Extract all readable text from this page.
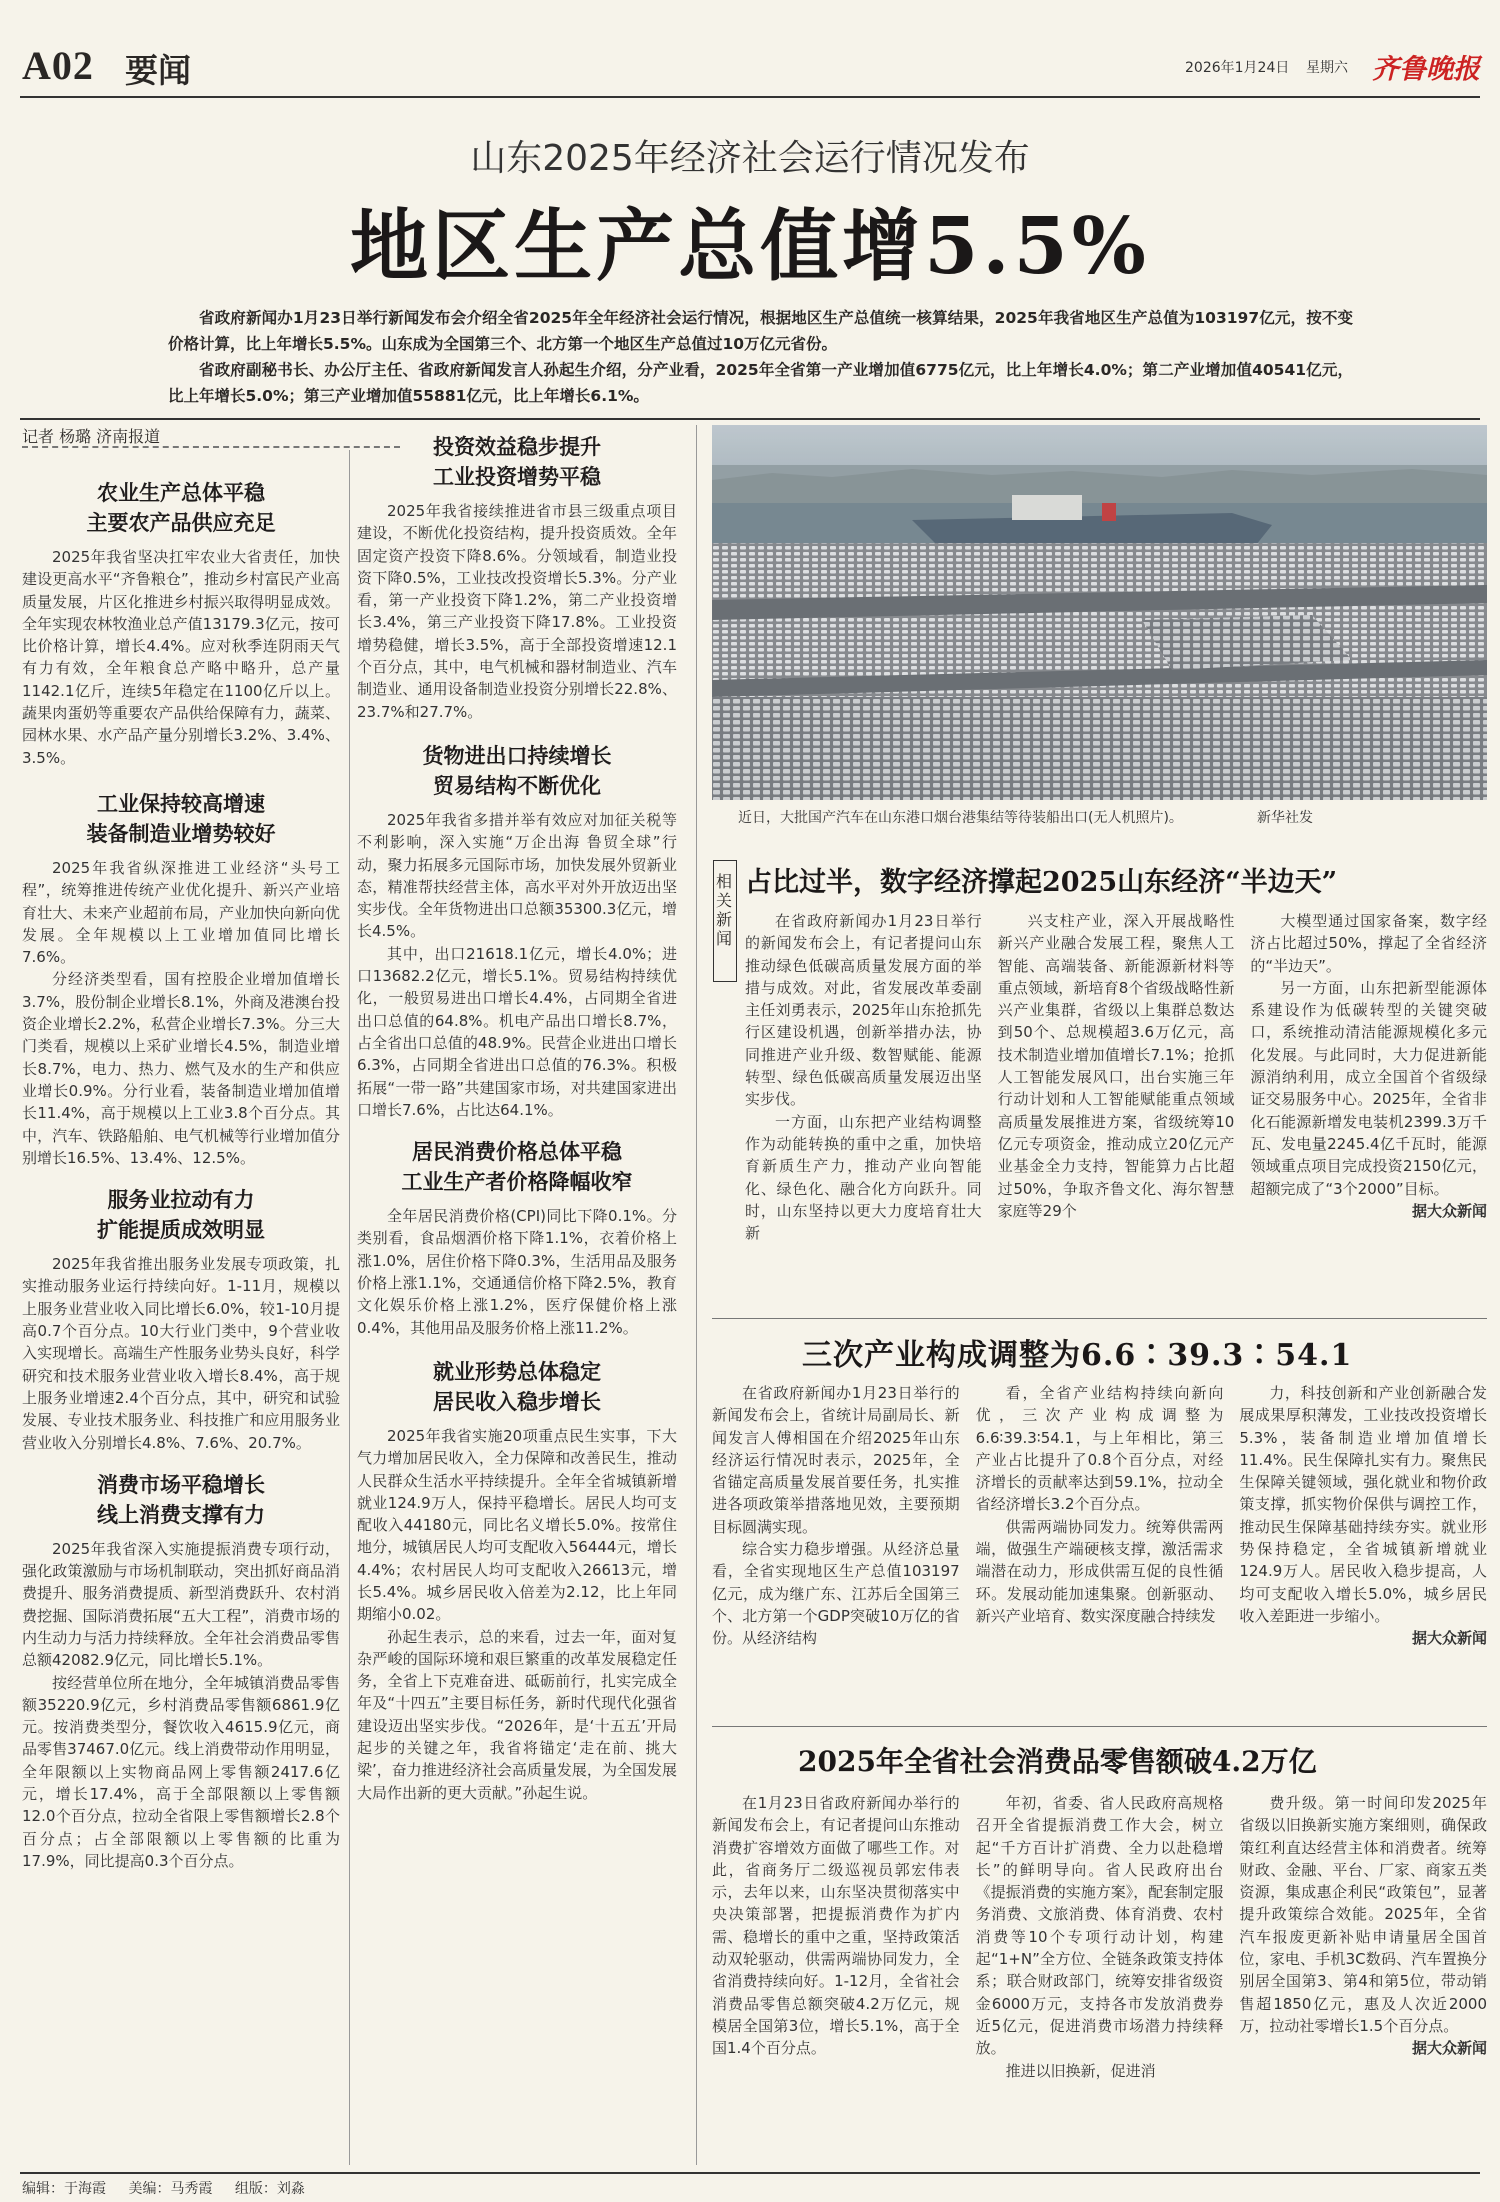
A02 要闻	2026年1月24日 星期六 齐鲁晚报
山东2025年经济社会运行情况发布
地区生产总值增5.5%

省政府新闻办1月23日举行新闻发布会介绍全省2025年全年经济社会运行情况，根据地区生产总值统一核算结果，2025年我省地区生产总值为103197亿元，按不变价格计算，比上年增长5.5%。山东成为全国第三个、北方第一个地区生产总值过10万亿元省份。

省政府副秘书长、办公厅主任、省政府新闻发言人孙起生介绍，分产业看，2025年全省第一产业增加值6775亿元，比上年增长4.0%；第二产业增加值40541亿元，比上年增长5.0%；第三产业增加值55881亿元，比上年增长6.1%。

记者 杨璐 济南报道
农业生产总体平稳
主要农产品供应充足

2025年我省坚决扛牢农业大省责任，加快建设更高水平“齐鲁粮仓”，推动乡村富民产业高质量发展，片区化推进乡村振兴取得明显成效。全年实现农林牧渔业总产值13179.3亿元，按可比价格计算，增长4.4%。应对秋季连阴雨天气有力有效，全年粮食总产略中略升，总产量1142.1亿斤，连续5年稳定在1100亿斤以上。蔬果肉蛋奶等重要农产品供给保障有力，蔬菜、园林水果、水产品产量分别增长3.2%、3.4%、3.5%。

工业保持较高增速
装备制造业增势较好

2025年我省纵深推进工业经济“头号工程”，统筹推进传统产业优化提升、新兴产业培育壮大、未来产业超前布局，产业加快向新向优发展。全年规模以上工业增加值同比增长7.6%。

分经济类型看，国有控股企业增加值增长3.7%，股份制企业增长8.1%，外商及港澳台投资企业增长2.2%，私营企业增长7.3%。分三大门类看，规模以上采矿业增长4.5%，制造业增长8.7%，电力、热力、燃气及水的生产和供应业增长0.9%。分行业看，装备制造业增加值增长11.4%，高于规模以上工业3.8个百分点。其中，汽车、铁路船舶、电气机械等行业增加值分别增长16.5%、13.4%、12.5%。

服务业拉动有力
扩能提质成效明显

2025年我省推出服务业发展专项政策，扎实推动服务业运行持续向好。1-11月，规模以上服务业营业收入同比增长6.0%，较1-10月提高0.7个百分点。10大行业门类中，9个营业收入实现增长。高端生产性服务业势头良好，科学研究和技术服务业营业收入增长8.4%，高于规上服务业增速2.4个百分点，其中，研究和试验发展、专业技术服务业、科技推广和应用服务业营业收入分别增长4.8%、7.6%、20.7%。

消费市场平稳增长
线上消费支撑有力

2025年我省深入实施提振消费专项行动，强化政策激励与市场机制联动，突出抓好商品消费提升、服务消费提质、新型消费跃升、农村消费挖掘、国际消费拓展“五大工程”，消费市场的内生动力与活力持续释放。全年社会消费品零售总额42082.9亿元，同比增长5.1%。

按经营单位所在地分，全年城镇消费品零售额35220.9亿元，乡村消费品零售额6861.9亿元。按消费类型分，餐饮收入4615.9亿元，商品零售37467.0亿元。线上消费带动作用明显，全年限额以上实物商品网上零售额2417.6亿元，增长17.4%，高于全部限额以上零售额12.0个百分点，拉动全省限上零售额增长2.8个百分点；占全部限额以上零售额的比重为17.9%，同比提高0.3个百分点。

投资效益稳步提升
工业投资增势平稳

2025年我省接续推进省市县三级重点项目建设，不断优化投资结构，提升投资质效。全年固定资产投资下降8.6%。分领域看，制造业投资下降0.5%，工业技改投资增长5.3%。分产业看，第一产业投资下降1.2%，第二产业投资增长3.4%，第三产业投资下降17.8%。工业投资增势稳健，增长3.5%，高于全部投资增速12.1个百分点，其中，电气机械和器材制造业、汽车制造业、通用设备制造业投资分别增长22.8%、23.7%和27.7%。

货物进出口持续增长
贸易结构不断优化

2025年我省多措并举有效应对加征关税等不利影响，深入实施“万企出海 鲁贸全球”行动，聚力拓展多元国际市场，加快发展外贸新业态，精准帮扶经营主体，高水平对外开放迈出坚实步伐。全年货物进出口总额35300.3亿元，增长4.5%。

其中，出口21618.1亿元，增长4.0%；进口13682.2亿元，增长5.1%。贸易结构持续优化，一般贸易进出口增长4.4%，占同期全省进出口总值的64.8%。机电产品出口增长8.7%，占全省出口总值的48.9%。民营企业进出口增长6.3%，占同期全省进出口总值的76.3%。积极拓展“一带一路”共建国家市场，对共建国家进出口增长7.6%，占比达64.1%。

居民消费价格总体平稳
工业生产者价格降幅收窄

全年居民消费价格(CPI)同比下降0.1%。分类别看，食品烟酒价格下降1.1%，衣着价格上涨1.0%，居住价格下降0.3%，生活用品及服务价格上涨1.1%，交通通信价格下降2.5%，教育文化娱乐价格上涨1.2%，医疗保健价格上涨0.4%，其他用品及服务价格上涨11.2%。

就业形势总体稳定
居民收入稳步增长

2025年我省实施20项重点民生实事，下大气力增加居民收入，全力保障和改善民生，推动人民群众生活水平持续提升。全年全省城镇新增就业124.9万人，保持平稳增长。居民人均可支配收入44180元，同比名义增长5.0%。按常住地分，城镇居民人均可支配收入56444元，增长4.4%；农村居民人均可支配收入26613元，增长5.4%。城乡居民收入倍差为2.12，比上年同期缩小0.02。

孙起生表示，总的来看，过去一年，面对复杂严峻的国际环境和艰巨繁重的改革发展稳定任务，全省上下克难奋进、砥砺前行，扎实完成全年及“十四五”主要目标任务，新时代现代化强省建设迈出坚实步伐。“2026年，是‘十五五’开局起步的关键之年，我省将锚定‘走在前、挑大梁’，奋力推进经济社会高质量发展，为全国发展大局作出新的更大贡献。”孙起生说。

近日，大批国产汽车在山东港口烟台港集结等待装船出口(无人机照片)。	新华社发
相关新闻
占比过半，数字经济撑起2025山东经济“半边天”

在省政府新闻办1月23日举行的新闻发布会上，有记者提问山东推动绿色低碳高质量发展方面的举措与成效。对此，省发展改革委副主任刘勇表示，2025年山东抢抓先行区建设机遇，创新举措办法，协同推进产业升级、数智赋能、能源转型、绿色低碳高质量发展迈出坚实步伐。

一方面，山东把产业结构调整作为动能转换的重中之重，加快培育新质生产力，推动产业向智能化、绿色化、融合化方向跃升。同时，山东坚持以更大力度培育壮大新

兴支柱产业，深入开展战略性新兴产业融合发展工程，聚焦人工智能、高端装备、新能源新材料等重点领域，新培育8个省级战略性新兴产业集群，省级以上集群总数达到50个、总规模超3.6万亿元，高技术制造业增加值增长7.1%；抢抓人工智能发展风口，出台实施三年行动计划和人工智能赋能重点领域高质量发展推进方案，省级统筹10亿元专项资金，推动成立20亿元产业基金全力支持，智能算力占比超过50%，争取齐鲁文化、海尔智慧家庭等29个

大模型通过国家备案，数字经济占比超过50%，撑起了全省经济的“半边天”。

另一方面，山东把新型能源体系建设作为低碳转型的关键突破口，系统推动清洁能源规模化多元化发展。与此同时，大力促进新能源消纳利用，成立全国首个省级绿证交易服务中心。2025年，全省非化石能源新增发电装机2399.3万千瓦、发电量2245.4亿千瓦时，能源领域重点项目完成投资2150亿元，超额完成了“3个2000”目标。

据大众新闻
三次产业构成调整为6.6∶39.3∶54.1

在省政府新闻办1月23日举行的新闻发布会上，省统计局副局长、新闻发言人傅相国在介绍2025年山东经济运行情况时表示，2025年，全省锚定高质量发展首要任务，扎实推进各项政策举措落地见效，主要预期目标圆满实现。

综合实力稳步增强。从经济总量看，全省实现地区生产总值103197亿元，成为继广东、江苏后全国第三个、北方第一个GDP突破10万亿的省份。从经济结构

看，全省产业结构持续向新向优，三次产业构成调整为6.6∶39.3∶54.1，与上年相比，第三产业占比提升了0.8个百分点，对经济增长的贡献率达到59.1%，拉动全省经济增长3.2个百分点。

供需两端协同发力。统筹供需两端，做强生产端硬核支撑，激活需求端潜在动力，形成供需互促的良性循环。发展动能加速集聚。创新驱动、新兴产业培育、数实深度融合持续发

力，科技创新和产业创新融合发展成果厚积薄发，工业技改投资增长5.3%，装备制造业增加值增长11.4%。民生保障扎实有力。聚焦民生保障关键领域，强化就业和物价政策支撑，抓实物价保供与调控工作，推动民生保障基础持续夯实。就业形势保持稳定，全省城镇新增就业124.9万人。居民收入稳步提高，人均可支配收入增长5.0%，城乡居民收入差距进一步缩小。

据大众新闻
2025年全省社会消费品零售额破4.2万亿

在1月23日省政府新闻办举行的新闻发布会上，有记者提问山东推动消费扩容增效方面做了哪些工作。对此，省商务厅二级巡视员郭宏伟表示，去年以来，山东坚决贯彻落实中央决策部署，把提振消费作为扩内需、稳增长的重中之重，坚持政策活动双轮驱动，供需两端协同发力，全省消费持续向好。1-12月，全省社会消费品零售总额突破4.2万亿元，规模居全国第3位，增长5.1%，高于全国1.4个百分点。

年初，省委、省人民政府高规格召开全省提振消费工作大会，树立起“千方百计扩消费、全力以赴稳增长”的鲜明导向。省人民政府出台《提振消费的实施方案》，配套制定服务消费、文旅消费、体育消费、农村消费等10个专项行动计划，构建起“1+N”全方位、全链条政策支持体系；联合财政部门，统筹安排省级资金6000万元，支持各市发放消费券近5亿元，促进消费市场潜力持续释放。

推进以旧换新，促进消

费升级。第一时间印发2025年省级以旧换新实施方案细则，确保政策红利直达经营主体和消费者。统筹财政、金融、平台、厂家、商家五类资源，集成惠企利民“政策包”，显著提升政策综合效能。2025年，全省汽车报废更新补贴申请量居全国首位，家电、手机3C数码、汽车置换分别居全国第3、第4和第5位，带动销售超1850亿元，惠及人次近2000万，拉动社零增长1.5个百分点。

据大众新闻
编辑：于海霞 美编：马秀霞 组版：刘淼
